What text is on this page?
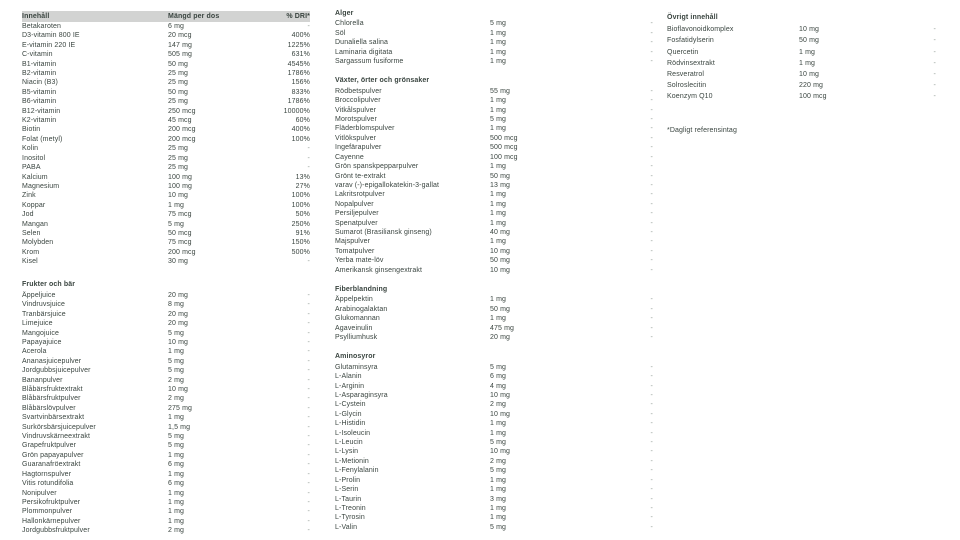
Innehåll	Mängd per dos	% DRI*
Betakaroten	6 mg	-
D3-vitamin 800 IE	20 mcg	400%
E-vitamin 220 IE	147 mg	1225%
C-vitamin	505 mg	631%
B1-vitamin	50 mg	4545%
B2-vitamin	25 mg	1786%
Niacin (B3)	25 mg	156%
B5-vitamin	50 mg	833%
B6-vitamin	25 mg	1786%
B12-vitamin	250 mcg	10000%
K2-vitamin	45 mcg	60%
Biotin	200 mcg	400%
Folat (metyl)	200 mcg	100%
Kolin	25 mg	-
Inositol	25 mg	-
PABA	25 mg	-
Kalcium	100 mg	13%
Magnesium	100 mg	27%
Zink	10 mg	100%
Koppar	1 mg	100%
Jod	75 mcg	50%
Mangan	5 mg	250%
Selen	50 mcg	91%
Molybden	75 mcg	150%
Krom	200 mcg	500%
Kisel	30 mg	-
Frukter och bär
Äppeljuice	20 mg	-
Vindruvsjuice	8 mg	-
Tranbärsjuice	20 mg	-
Limejuice	20 mg	-
Mangojuice	5 mg	-
Papayajuice	10 mg	-
Acerola	1 mg	-
Ananasjuicepulver	5 mg	-
Jordgubbsjuicepulver	5 mg	-
Bananpulver	2 mg	-
Blåbärsfruktextrakt	10 mg	-
Blåbärsfruktpulver	2 mg	-
Blåbärslövpulver	275 mg	-
Svartvinbärsextrakt	1 mg	-
Surkörsbärsjuicepulver	1,5 mg	-
Vindruvskärneextrakt	5 mg	-
Grapefruktpulver	5 mg	-
Grön papayapulver	1 mg	-
Guaranafröextrakt	6 mg	-
Hagtornspulver	1 mg	-
Vitis rotundifolia	6 mg	-
Nonipulver	1 mg	-
Persikofruktpulver	1 mg	-
Plommonpulver	1 mg	-
Hallonkärnepulver	1 mg	-
Jordgubbsfruktpulver	2 mg	-
Alger
Chlorella	5 mg	-
Söl	1 mg	-
Dunaliella salina	1 mg	-
Laminaria digitata	1 mg	-
Sargassum fusiforme	1 mg	-
Växter, örter och grönsaker
Rödbetspulver	55 mg	-
Broccolipulver	1 mg	-
Vitkålspulver	1 mg	-
Morotspulver	5 mg	-
Fläderblomspulver	1 mg	-
Vitlökspulver	500 mcg	-
Ingefärapulver	500 mcg	-
Cayenne	100 mcg	-
Grön spanskpepparpulver	1 mg	-
Grönt te-extrakt	50 mg	-
varav (-)-epigallokatekin-3-gallat	13 mg	-
Lakritsrotpulver	1 mg	-
Nopalpulver	1 mg	-
Persiljepulver	1 mg	-
Spenatpulver	1 mg	-
Sumarot (Brasiliansk ginseng)	40 mg	-
Majspulver	1 mg	-
Tomatpulver	10 mg	-
Yerba mate-löv	50 mg	-
Amerikansk ginsengextrakt	10 mg	-
Fiberblandning
Äppelpektin	1 mg	-
Arabinogalaktan	50 mg	-
Glukomannan	1 mg	-
Agaveinulin	475 mg	-
Psylliumhusk	20 mg	-
Aminosyror
Glutaminsyra	5 mg	-
L-Alanin	6 mg	-
L-Arginin	4 mg	-
L-Asparaginsyra	10 mg	-
L-Cystein	2 mg	-
L-Glycin	10 mg	-
L-Histidin	1 mg	-
L-Isoleucin	1 mg	-
L-Leucin	5 mg	-
L-Lysin	10 mg	-
L-Metionin	2 mg	-
L-Fenylalanin	5 mg	-
L-Prolin	1 mg	-
L-Serin	1 mg	-
L-Taurin	3 mg	-
L-Treonin	1 mg	-
L-Tyrosin	1 mg	-
L-Valin	5 mg	-
Övrigt innehåll
Bioflavonoidkomplex	10 mg	-
Fosfatidylserin	50 mg	-
Quercetin	1 mg	-
Rödvinsextrakt	1 mg	-
Resveratrol	10 mg	-
Solroslecitin	220 mg	-
Koenzym Q10	100 mcg	-
*Dagligt referensintag
